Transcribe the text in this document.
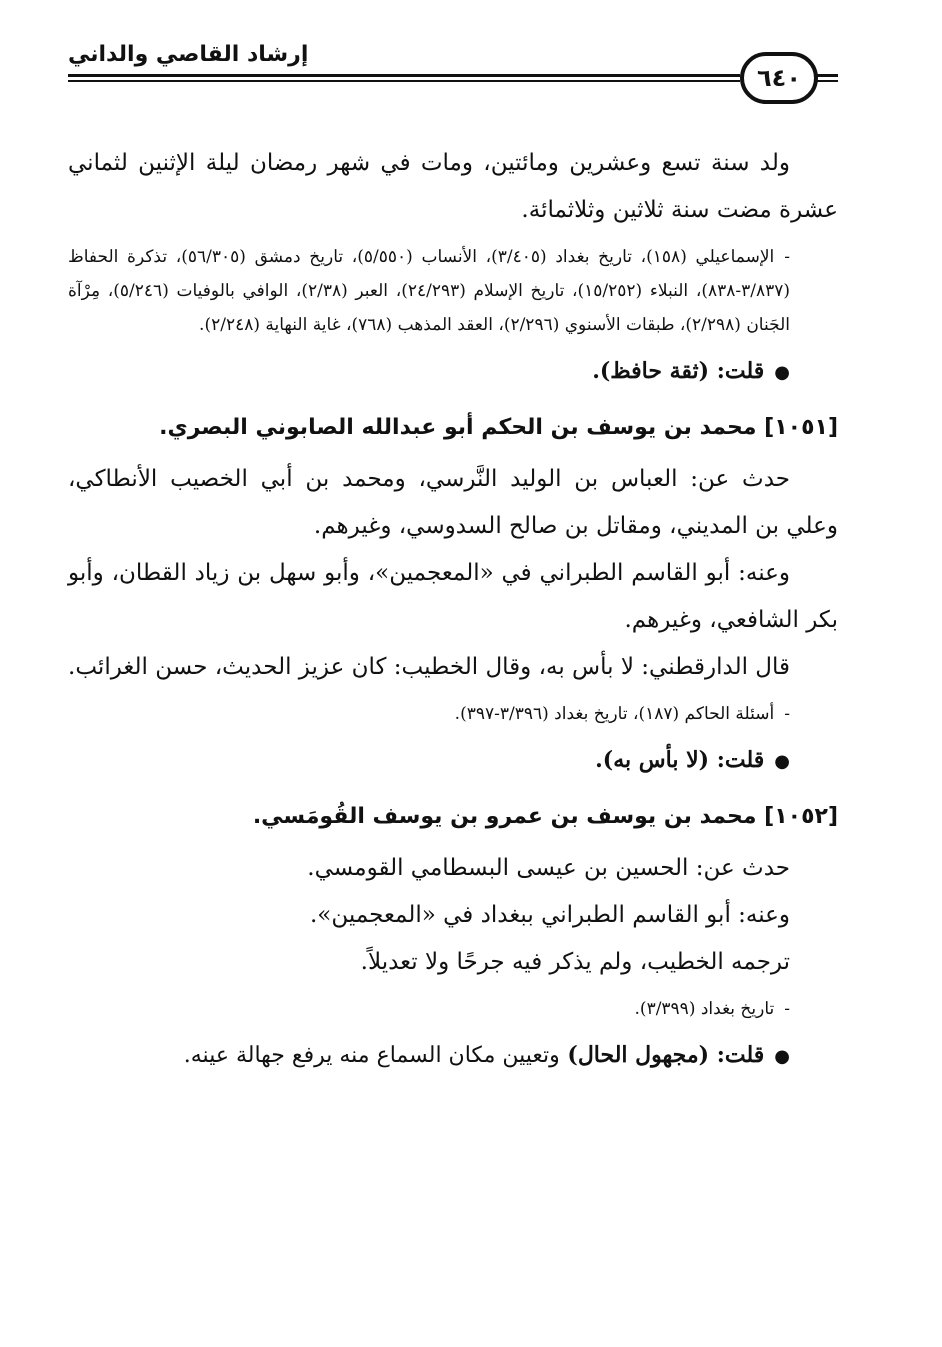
إرشاد القاصي والداني
٦٤٠

ولد سنة تسع وعشرين ومائتين، ومات في شهر رمضان ليلة الإثنين لثماني عشرة مضت سنة ثلاثين وثلاثمائة.

-الإسماعيلي (١٥٨)، تاريخ بغداد (٣/٤٠٥)، الأنساب (٥/٥٥٠)، تاريخ دمشق (٥٦/٣٠٥)، تذكرة الحفاظ (٣/٨٣٧-٨٣٨)، النبلاء (١٥/٢٥٢)، تاريخ الإسلام (٢٤/٢٩٣)، العبر (٢/٣٨)، الوافي بالوفيات (٥/٢٤٦)، مِرْآة الجَنان (٢/٢٩٨)، طبقات الأسنوي (٢/٢٩٦)، العقد المذهب (٧٦٨)، غاية النهاية (٢/٢٤٨).

●قلت: (ثقة حافظ).

[١٠٥١] محمد بن يوسف بن الحكم أبو عبدالله الصابوني البصري.

حدث عن: العباس بن الوليد النَّرسي، ومحمد بن أبي الخصيب الأنطاكي، وعلي بن المديني، ومقاتل بن صالح السدوسي، وغيرهم.

وعنه: أبو القاسم الطبراني في «المعجمين»، وأبو سهل بن زياد القطان، وأبو بكر الشافعي، وغيرهم.

قال الدارقطني: لا بأس به، وقال الخطيب: كان عزيز الحديث، حسن الغرائب.

-أسئلة الحاكم (١٨٧)، تاريخ بغداد (٣/٣٩٦-٣٩٧).

●قلت: (لا بأس به).

[١٠٥٢] محمد بن يوسف بن عمرو بن يوسف القُومَسي.

حدث عن: الحسين بن عيسى البسطامي القومسي.

وعنه: أبو القاسم الطبراني ببغداد في «المعجمين».

ترجمه الخطيب، ولم يذكر فيه جرحًا ولا تعديلاً.

-تاريخ بغداد (٣/٣٩٩).

●قلت: (مجهول الحال) وتعيين مكان السماع منه يرفع جهالة عينه.
